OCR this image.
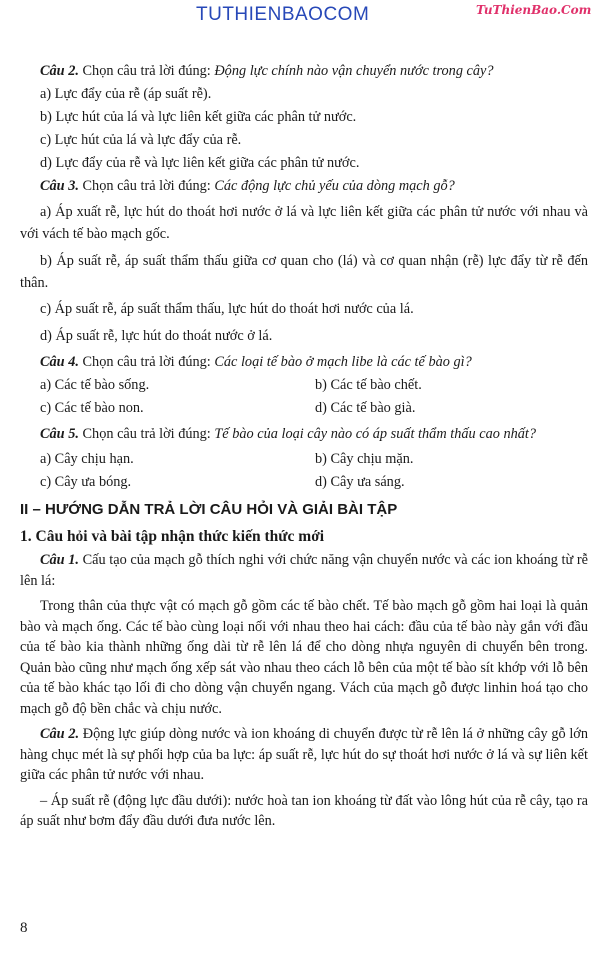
TUTHIENBAOCOM	TuThienBao.Com
Câu 2. Chọn câu trả lời đúng: Động lực chính nào vận chuyển nước trong cây?
a) Lực đẩy của rễ (áp suất rễ).
b) Lực hút của lá và lực liên kết giữa các phân tử nước.
c) Lực hút của lá và lực đẩy của rễ.
d) Lực đẩy của rễ và lực liên kết giữa các phân tử nước.
Câu 3. Chọn câu trả lời đúng: Các động lực chủ yếu của dòng mạch gỗ?
a) Áp xuất rễ, lực hút do thoát hơi nước ở lá và lực liên kết giữa các phân tử nước với nhau và với vách tế bào mạch gốc.
b) Áp suất rễ, áp suất thẩm thấu giữa cơ quan cho (lá) và cơ quan nhận (rễ) lực đẩy từ rễ đến thân.
c) Áp suất rễ, áp suất thẩm thấu, lực hút do thoát hơi nước của lá.
d) Áp suất rễ, lực hút do thoát nước ở lá.
Câu 4. Chọn câu trả lời đúng: Các loại tế bào ở mạch libe là các tế bào gì?
a) Các tế bào sống.	b) Các tế bào chết.
c) Các tế bào non.	d) Các tế bào già.
Câu 5. Chọn câu trả lời đúng: Tế bào của loại cây nào có áp suất thẩm thấu cao nhất?
a) Cây chịu hạn.	b) Cây chịu mặn.
c) Cây ưa bóng.	d) Cây ưa sáng.
II – HƯỚNG DẪN TRẢ LỜI CÂU HỎI VÀ GIẢI BÀI TẬP
1. Câu hỏi và bài tập nhận thức kiến thức mới
Câu 1. Cấu tạo của mạch gỗ thích nghi với chức năng vận chuyển nước và các ion khoáng từ rễ lên lá:
Trong thân của thực vật có mạch gỗ gồm các tế bào chết. Tế bào mạch gỗ gồm hai loại là quản bào và mạch ống. Các tế bào cùng loại nối với nhau theo hai cách: đầu của tế bào này gắn với đầu của tế bào kia thành những ống dài từ rễ lên lá để cho dòng nhựa nguyên di chuyển bên trong. Quản bào cũng như mạch ống xếp sát vào nhau theo cách lỗ bên của một tế bào sít khớp với lỗ bên của tế bào khác tạo lối đi cho dòng vận chuyển ngang. Vách của mạch gỗ được linhin hoá tạo cho mạch gỗ độ bền chắc và chịu nước.
Câu 2. Động lực giúp dòng nước và ion khoáng di chuyển được từ rễ lên lá ở những cây gỗ lớn hàng chục mét là sự phối hợp của ba lực: áp suất rễ, lực hút do sự thoát hơi nước ở lá và sự liên kết giữa các phân tử nước với nhau.
– Áp suất rễ (động lực đầu dưới): nước hoà tan ion khoáng từ đất vào lông hút của rễ cây, tạo ra áp suất như bơm đẩy đầu dưới đưa nước lên.
8
